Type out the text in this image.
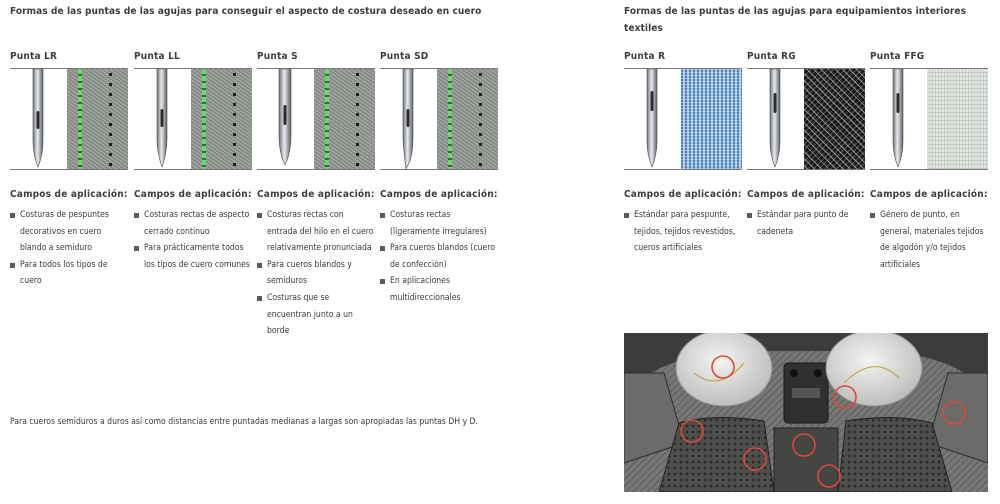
Formas de las puntas de las agujas para conseguir el aspecto de costura deseado en cuero
Punta LR
Campos de aplicación:
Costuras de pespuntes decorativos en cuero blando a semiduro
Para todos los tipos de cuero
Punta LL
Campos de aplicación:
Costuras rectas de aspecto cerrado continuo
Para prácticamente todos los tipos de cuero comunes
Punta S
Campos de aplicación:
Costuras rectas con entrada del hilo en el cuero relativamente pronunciada
Para cueros blandos y semiduros
Costuras que se encuentran junto a un borde
Punta SD
Campos de aplicación:
Costuras rectas (ligeramente irregulares)
Para cueros blandos (cuero de confección)
En aplicaciones multidireccionales
Para cueros semiduros a duros así como distancias entre puntadas medianas a largas son apropiadas las puntas DH y D.
Formas de las puntas de las agujas para equipamientos interiores textiles
Punta R
Campos de aplicación:
Estándar para pespunte, tejidos, tejidos revestidos, cueros artificiales
Punta RG
Campos de aplicación:
Estándar para punto de cadeneta
Punta FFG
Campos de aplicación:
Género de punto, en general, materiales tejidos de algodón y/o tejidos artificiales
